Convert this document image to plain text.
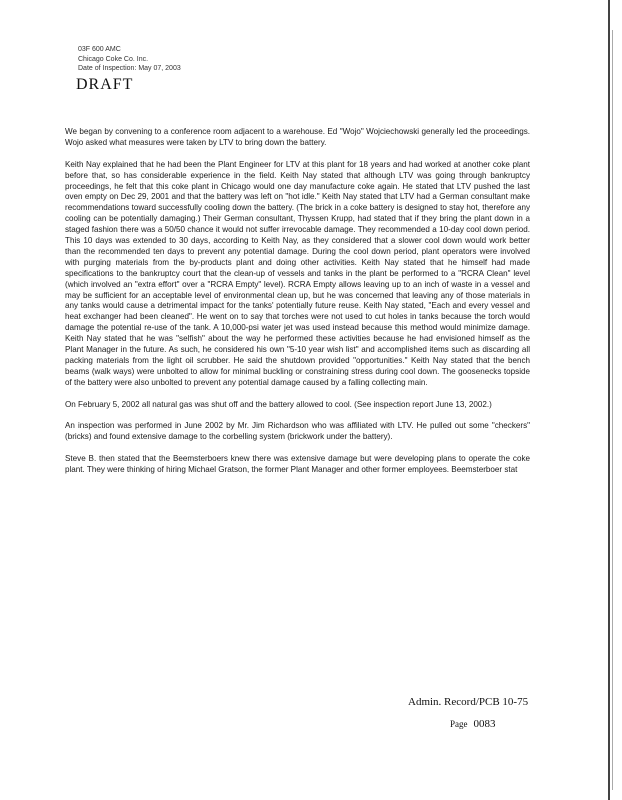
03F 600 AMC
Chicago Coke Co. Inc.
Date of Inspection: May 07, 2003
DRAFT

We began by convening to a conference room adjacent to a warehouse. Ed "Wojo" Wojciechowski generally led the proceedings. Wojo asked what measures were taken by LTV to bring down the battery.

Keith Nay explained that he had been the Plant Engineer for LTV at this plant for 18 years and had worked at another coke plant before that, so has considerable experience in the field. Keith Nay stated that although LTV was going through bankruptcy proceedings, he felt that this coke plant in Chicago would one day manufacture coke again. He stated that LTV pushed the last oven empty on Dec 29, 2001 and that the battery was left on "hot idle." Keith Nay stated that LTV had a German consultant make recommendations toward successfully cooling down the battery. (The brick in a coke battery is designed to stay hot, therefore any cooling can be potentially damaging.) Their German consultant, Thyssen Krupp, had stated that if they bring the plant down in a staged fashion there was a 50/50 chance it would not suffer irrevocable damage. They recommended a 10-day cool down period. This 10 days was extended to 30 days, according to Keith Nay, as they considered that a slower cool down would work better than the recommended ten days to prevent any potential damage. During the cool down period, plant operators were involved with purging materials from the by-products plant and doing other activities. Keith Nay stated that he himself had made specifications to the bankruptcy court that the clean-up of vessels and tanks in the plant be performed to a "RCRA Clean" level (which involved an "extra effort" over a "RCRA Empty" level). RCRA Empty allows leaving up to an inch of waste in a vessel and may be sufficient for an acceptable level of environmental clean up, but he was concerned that leaving any of those materials in any tanks would cause a detrimental impact for the tanks' potentially future reuse. Keith Nay stated, "Each and every vessel and heat exchanger had been cleaned". He went on to say that torches were not used to cut holes in tanks because the torch would damage the potential re-use of the tank. A 10,000-psi water jet was used instead because this method would minimize damage. Keith Nay stated that he was "selfish" about the way he performed these activities because he had envisioned himself as the Plant Manager in the future. As such, he considered his own "5-10 year wish list" and accomplished items such as discarding all packing materials from the light oil scrubber. He said the shutdown provided "opportunities." Keith Nay stated that the bench beams (walk ways) were unbolted to allow for minimal buckling or constraining stress during cool down. The goosenecks topside of the battery were also unbolted to prevent any potential damage caused by a falling collecting main.

On February 5, 2002 all natural gas was shut off and the battery allowed to cool. (See inspection report June 13, 2002.)

An inspection was performed in June 2002 by Mr. Jim Richardson who was affiliated with LTV. He pulled out some "checkers" (bricks) and found extensive damage to the corbelling system (brickwork under the battery).

Steve B. then stated that the Beemsterboers knew there was extensive damage but were developing plans to operate the coke plant. They were thinking of hiring Michael Gratson, the former Plant Manager and other former employees. Beemsterboer stat

Admin. Record/PCB 10-75
Page 0083
